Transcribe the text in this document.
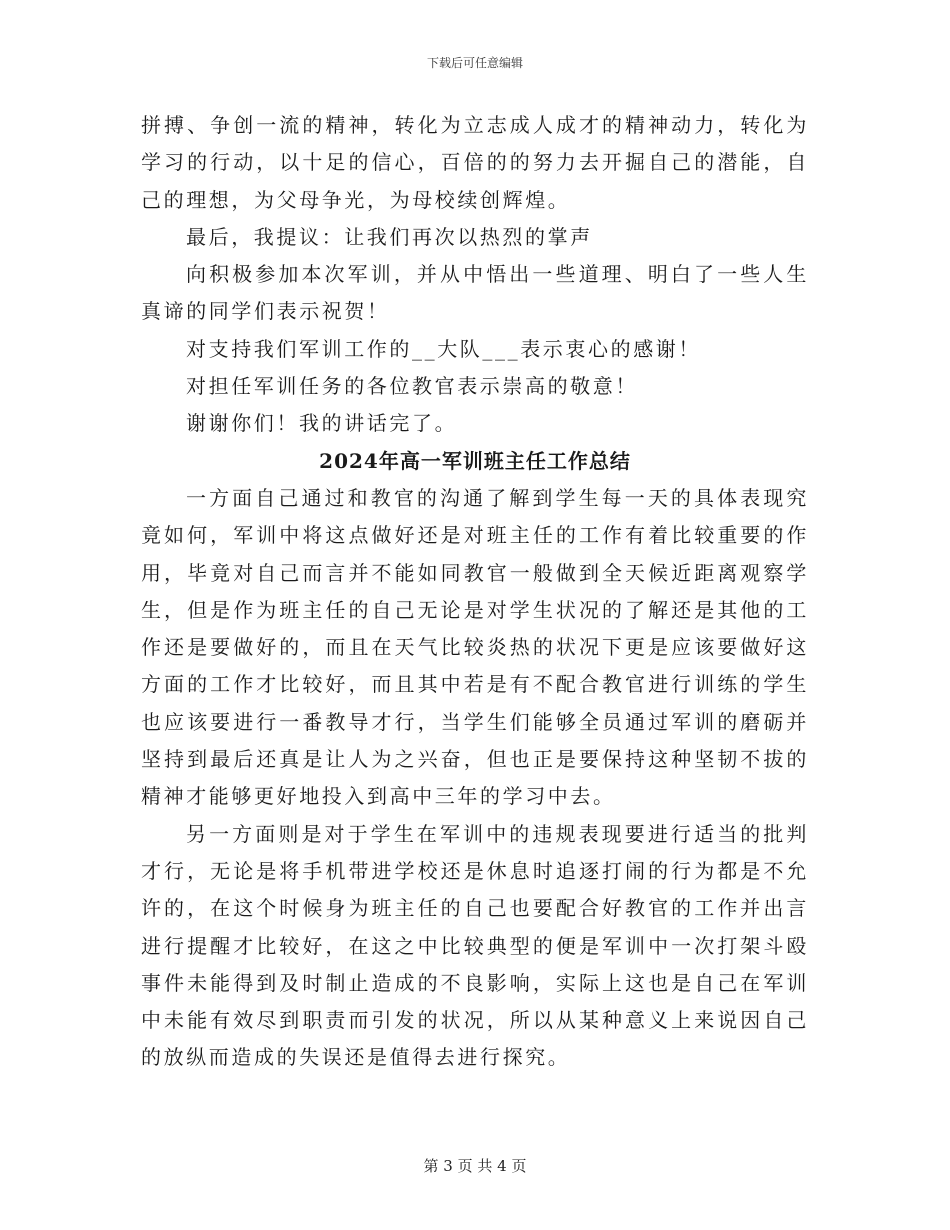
下载后可任意编辑

拼搏、争创一流的精神，转化为立志成人成才的精神动力，转化为学习的行动，以十足的信心，百倍的的努力去开掘自己的潜能，自己的理想，为父母争光，为母校续创辉煌。

最后，我提议：让我们再次以热烈的掌声

向积极参加本次军训，并从中悟出一些道理、明白了一些人生真谛的同学们表示祝贺！

对支持我们军训工作的__大队___表示衷心的感谢！

对担任军训任务的各位教官表示崇高的敬意！

谢谢你们！我的讲话完了。

2024年高一军训班主任工作总结

一方面自己通过和教官的沟通了解到学生每一天的具体表现究竟如何，军训中将这点做好还是对班主任的工作有着比较重要的作用，毕竟对自己而言并不能如同教官一般做到全天候近距离观察学生，但是作为班主任的自己无论是对学生状况的了解还是其他的工作还是要做好的，而且在天气比较炎热的状况下更是应该要做好这方面的工作才比较好，而且其中若是有不配合教官进行训练的学生也应该要进行一番教导才行，当学生们能够全员通过军训的磨砺并坚持到最后还真是让人为之兴奋，但也正是要保持这种坚韧不拔的精神才能够更好地投入到高中三年的学习中去。

另一方面则是对于学生在军训中的违规表现要进行适当的批判才行，无论是将手机带进学校还是休息时追逐打闹的行为都是不允许的，在这个时候身为班主任的自己也要配合好教官的工作并出言进行提醒才比较好，在这之中比较典型的便是军训中一次打架斗殴事件未能得到及时制止造成的不良影响，实际上这也是自己在军训中未能有效尽到职责而引发的状况，所以从某种意义上来说因自己的放纵而造成的失误还是值得去进行探究。

第 3 页 共 4 页
